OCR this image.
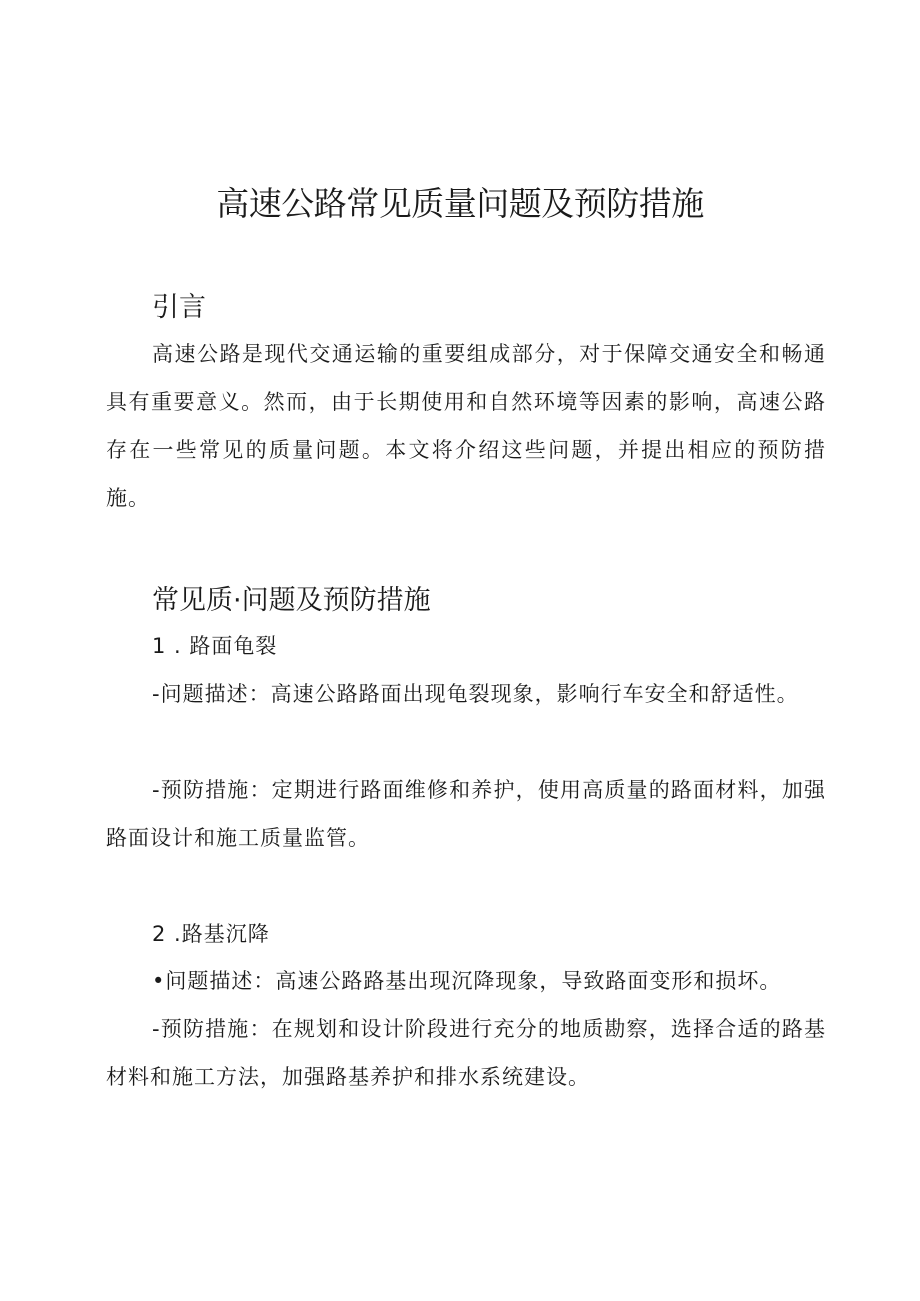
高速公路常见质量问题及预防措施
引言

高速公路是现代交通运输的重要组成部分，对于保障交通安全和畅通具有重要意义。然而，由于长期使用和自然环境等因素的影响，高速公路存在一些常见的质量问题。本文将介绍这些问题，并提出相应的预防措施。

常见质·问题及预防措施
1 . 路面龟裂

-问题描述：高速公路路面出现龟裂现象，影响行车安全和舒适性。

-预防措施：定期进行路面维修和养护，使用高质量的路面材料，加强路面设计和施工质量监管。

2 .路基沉降

•问题描述：高速公路路基出现沉降现象，导致路面变形和损坏。

-预防措施：在规划和设计阶段进行充分的地质勘察，选择合适的路基材料和施工方法，加强路基养护和排水系统建设。
